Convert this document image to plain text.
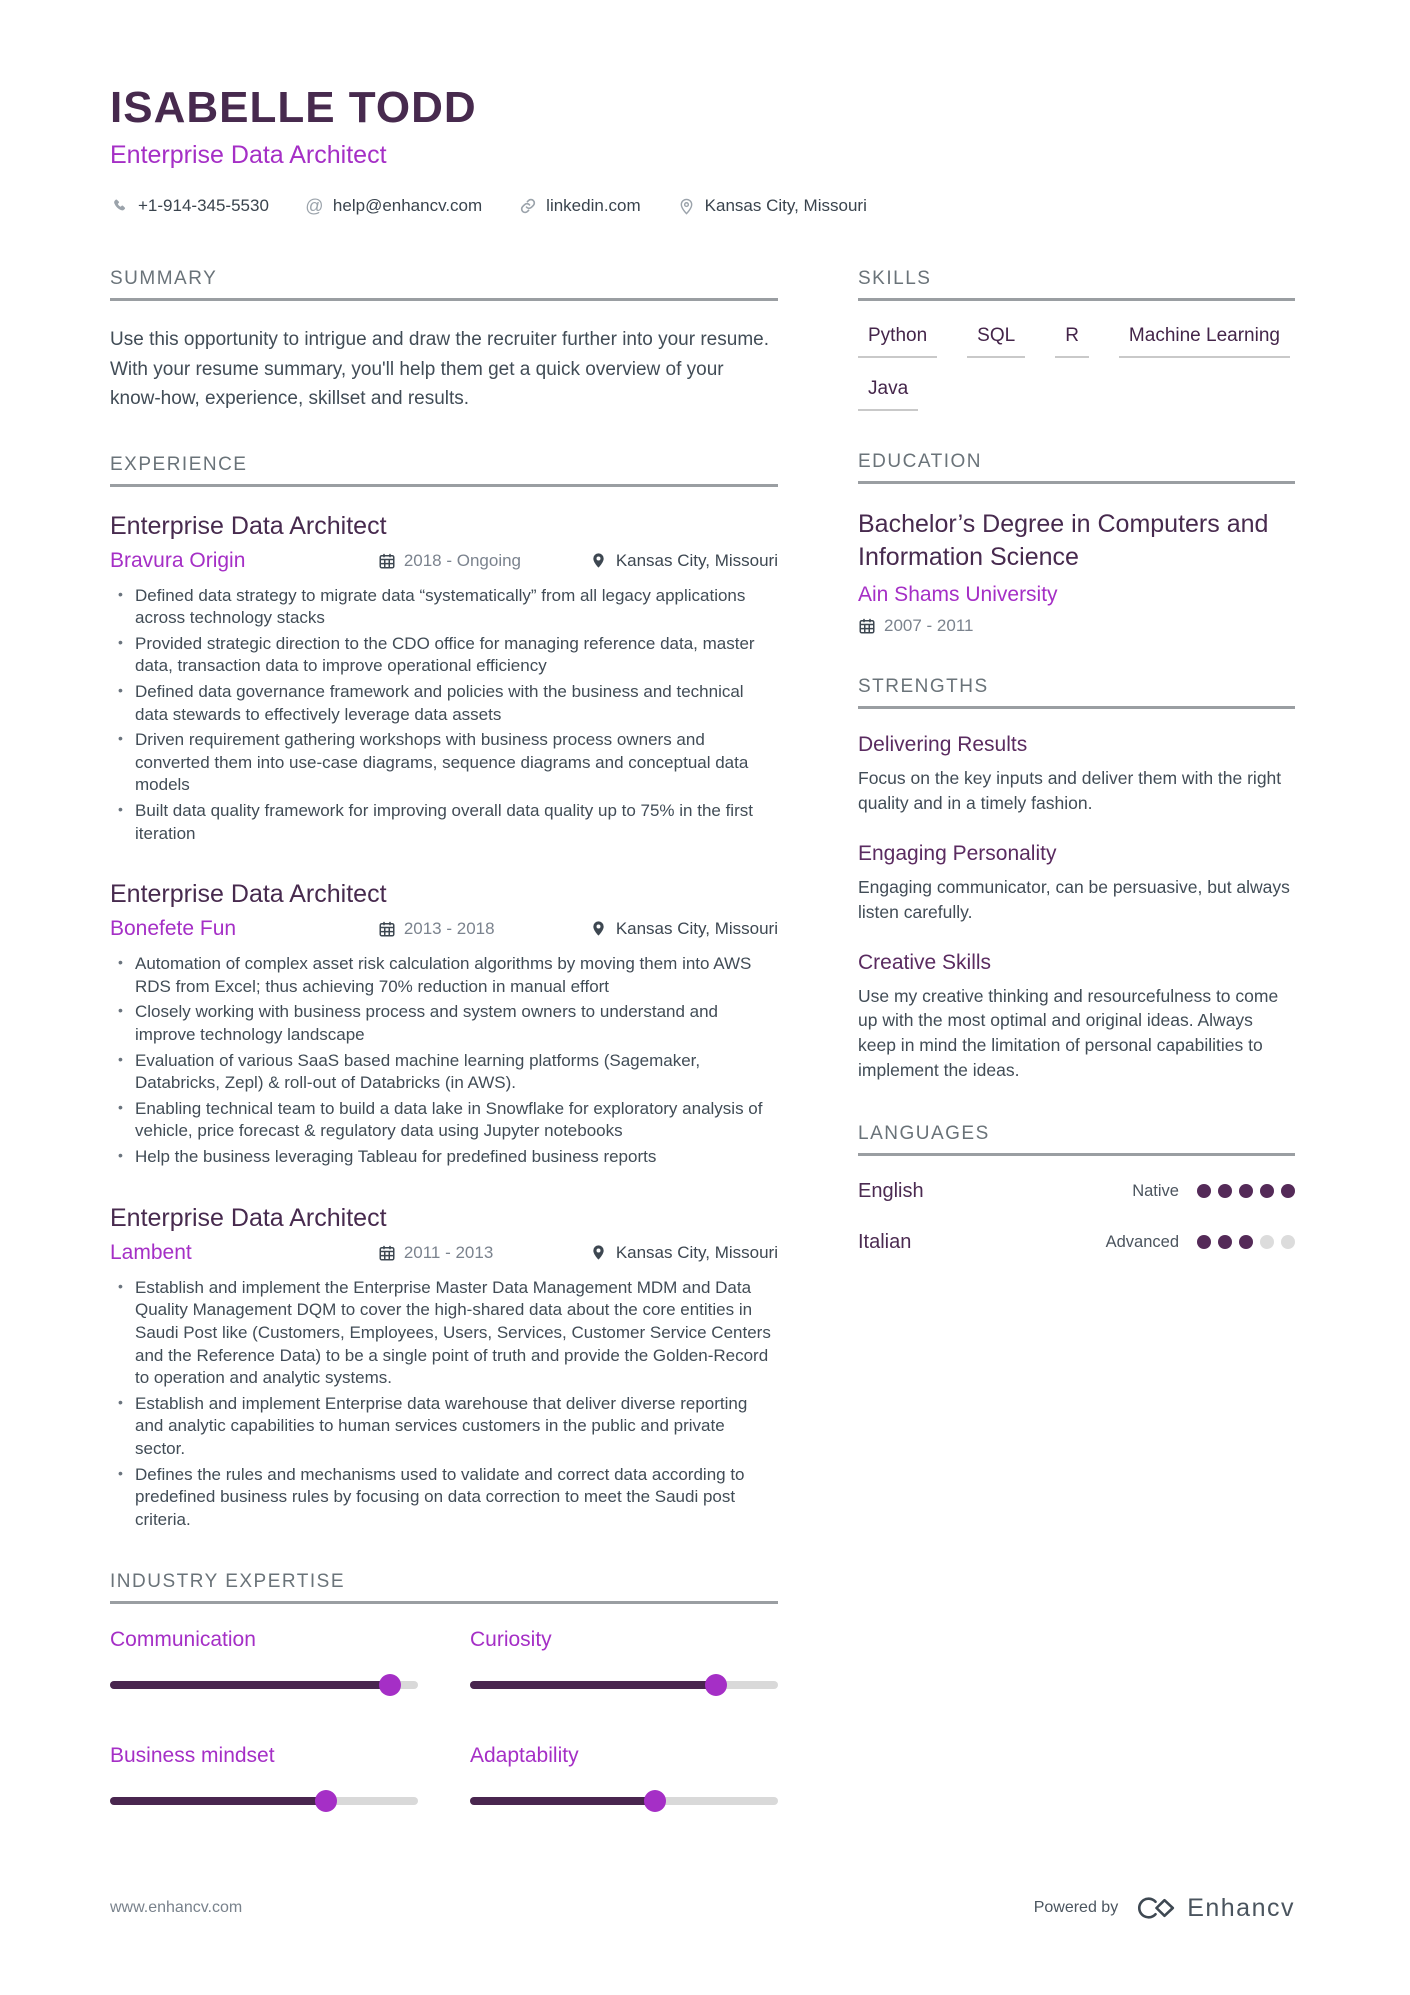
ISABELLE TODD
Enterprise Data Architect
+1-914-345-5530 @ help@enhancv.com	linkedin.com	Kansas City, Missouri
SUMMARY

Use this opportunity to intrigue and draw the recruiter further into your resume. With your resume summary, you'll help them get a quick overview of your know-how, experience, skillset and results.

EXPERIENCE
Enterprise Data Architect
Bravura Origin	2018 - Ongoing	Kansas City, Missouri
• Defined data strategy to migrate data “systematically” from all legacy applications across technology stacks
• Provided strategic direction to the CDO office for managing reference data, master data, transaction data to improve operational efficiency
• Defined data governance framework and policies with the business and technical data stewards to effectively leverage data assets
• Driven requirement gathering workshops with business process owners and converted them into use-case diagrams, sequence diagrams and conceptual data models
• Built data quality framework for improving overall data quality up to 75% in the first iteration
Enterprise Data Architect
Bonefete Fun	2013 - 2018	Kansas City, Missouri
• Automation of complex asset risk calculation algorithms by moving them into AWS RDS from Excel; thus achieving 70% reduction in manual effort
• Closely working with business process and system owners to understand and improve technology landscape
• Evaluation of various SaaS based machine learning platforms (Sagemaker, Databricks, Zepl) & roll-out of Databricks (in AWS).
• Enabling technical team to build a data lake in Snowflake for exploratory analysis of vehicle, price forecast & regulatory data using Jupyter notebooks
• Help the business leveraging Tableau for predefined business reports
Enterprise Data Architect
Lambent	2011 - 2013	Kansas City, Missouri
• Establish and implement the Enterprise Master Data Management MDM and Data Quality Management DQM to cover the high-shared data about the core entities in Saudi Post like (Customers, Employees, Users, Services, Customer Service Centers and the Reference Data) to be a single point of truth and provide the Golden-Record to operation and analytic systems.
• Establish and implement Enterprise data warehouse that deliver diverse reporting and analytic capabilities to human services customers in the public and private sector.
• Defines the rules and mechanisms used to validate and correct data according to predefined business rules by focusing on data correction to meet the Saudi post criteria.
INDUSTRY EXPERTISE
Communication	Curiosity
Business mindset	Adaptability
SKILLS
Python	SQL	R	Machine Learning
Java
EDUCATION
Bachelor’s Degree in Computers and Information Science
Ain Shams University
2007 - 2011
STRENGTHS
Delivering Results

Focus on the key inputs and deliver them with the right quality and in a timely fashion.

Engaging Personality

Engaging communicator, can be persuasive, but always listen carefully.

Creative Skills

Use my creative thinking and resourcefulness to come up with the most optimal and original ideas. Always keep in mind the limitation of personal capabilities to implement the ideas.

LANGUAGES
English	Native
Italian	Advanced
www.enhancv.com	Powered by	Enhancv
